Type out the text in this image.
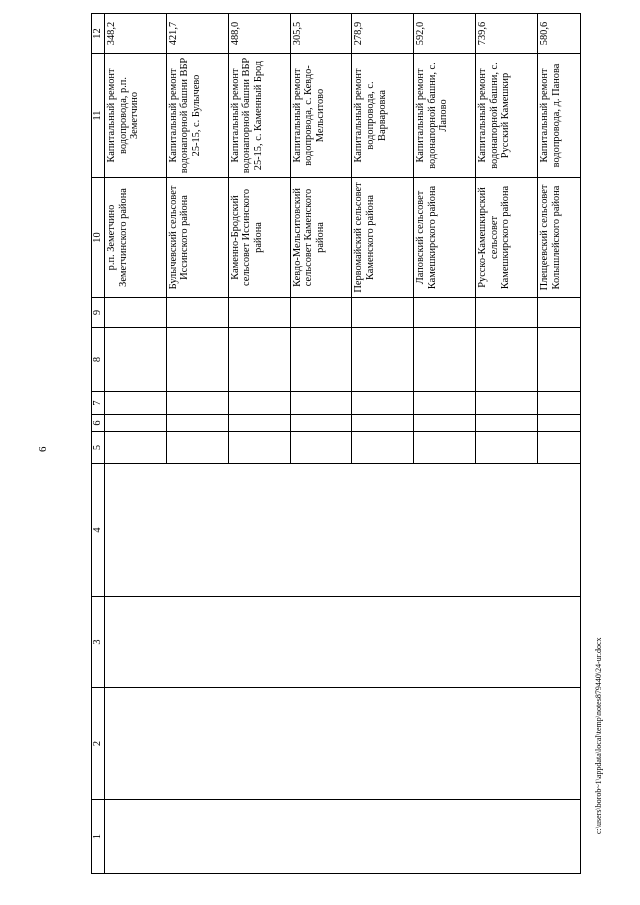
6
1	2	3	4	5	6	7	8	9	10	11	12
									р.п. Земетчино Земетчинского района	Капитальный ремонт водопровода, р.п. Земетчино	348,2
									Булычевский сельсовет Иссинского района	Капитальный ремонт водонапорной башни ВБР 25-15, с. Булычево	421,7
									Каменно-Бродский сельсовет Иссинского района	Капитальный ремонт водонапорной башни ВБР 25-15, с. Каменный Брод	488,0
									Кевдо-Мельситовский сельсовет Каменского района	Капитальный ремонт водопровода, с. Кевдо-Мельситово	305,5
									Первомайский сельсовет Каменского района	Капитальный ремонт водопровода, с. Варваровка	278,9
									Лаповский сельсовет Камешкирского района	Капитальный ремонт водонапорной башни, с. Лапово	592,0
									Русско-Камешкирский сельсовет Камешкирского района	Капитальный ремонт водонапорной башни, с. Русский Камешкир	739,6
									Плещеевский сельсовет Колышлейского района	Капитальный ремонт водопровода, д. Панова	580,6
c:\users\borob~1\appdata\local\temp\notes879440\24-ur.docx
